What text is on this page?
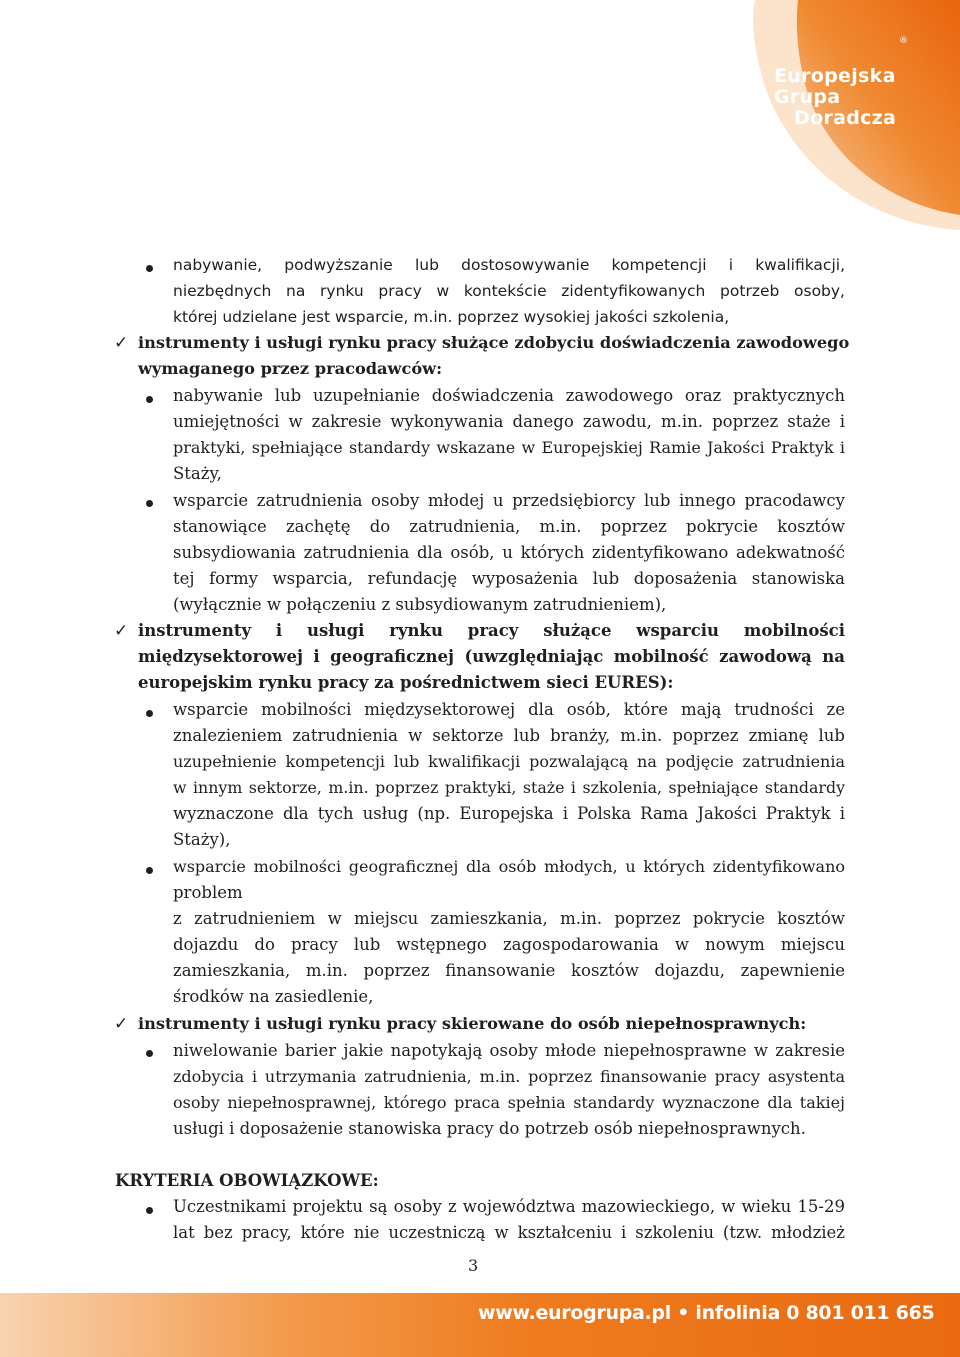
Europejska
Grupa
Doradcza
®
nabywanie, podwyższanie lub dostosowywanie kompetencji i kwalifikacji,
niezbędnych na rynku pracy w kontekście zidentyfikowanych potrzeb osoby,
której udzielane jest wsparcie, m.in. poprzez wysokiej jakości szkolenia,
✓ instrumenty i usługi rynku pracy służące zdobyciu doświadczenia zawodowego
wymaganego przez pracodawców:
nabywanie lub uzupełnianie doświadczenia zawodowego oraz praktycznych
umiejętności w zakresie wykonywania danego zawodu, m.in. poprzez staże i
praktyki, spełniające standardy wskazane w Europejskiej Ramie Jakości Praktyk i
Staży,
wsparcie zatrudnienia osoby młodej u przedsiębiorcy lub innego pracodawcy
stanowiące zachętę do zatrudnienia, m.in. poprzez pokrycie kosztów
subsydiowania zatrudnienia dla osób, u których zidentyfikowano adekwatność
tej formy wsparcia, refundację wyposażenia lub doposażenia stanowiska
(wyłącznie w połączeniu z subsydiowanym zatrudnieniem),
✓ instrumenty i usługi rynku pracy służące wsparciu mobilności
międzysektorowej i geograficznej (uwzględniając mobilność zawodową na
europejskim rynku pracy za pośrednictwem sieci EURES):
wsparcie mobilności międzysektorowej dla osób, które mają trudności ze
znalezieniem zatrudnienia w sektorze lub branży, m.in. poprzez zmianę lub
uzupełnienie kompetencji lub kwalifikacji pozwalającą na podjęcie zatrudnienia
w innym sektorze, m.in. poprzez praktyki, staże i szkolenia, spełniające standardy
wyznaczone dla tych usług (np. Europejska i Polska Rama Jakości Praktyk i
Staży),
wsparcie mobilności geograficznej dla osób młodych, u których zidentyfikowano
problem
z zatrudnieniem w miejscu zamieszkania, m.in. poprzez pokrycie kosztów
dojazdu do pracy lub wstępnego zagospodarowania w nowym miejscu
zamieszkania, m.in. poprzez finansowanie kosztów dojazdu, zapewnienie
środków na zasiedlenie,
✓ instrumenty i usługi rynku pracy skierowane do osób niepełnosprawnych:
niwelowanie barier jakie napotykają osoby młode niepełnosprawne w zakresie
zdobycia i utrzymania zatrudnienia, m.in. poprzez finansowanie pracy asystenta
osoby niepełnosprawnej, którego praca spełnia standardy wyznaczone dla takiej
usługi i doposażenie stanowiska pracy do potrzeb osób niepełnosprawnych.
KRYTERIA OBOWIĄZKOWE:
Uczestnikami projektu są osoby z województwa mazowieckiego, w wieku 15-29
lat bez pracy, które nie uczestniczą w kształceniu i szkoleniu (tzw. młodzież
3
www.eurogrupa.pl • infolinia 0 801 011 665
